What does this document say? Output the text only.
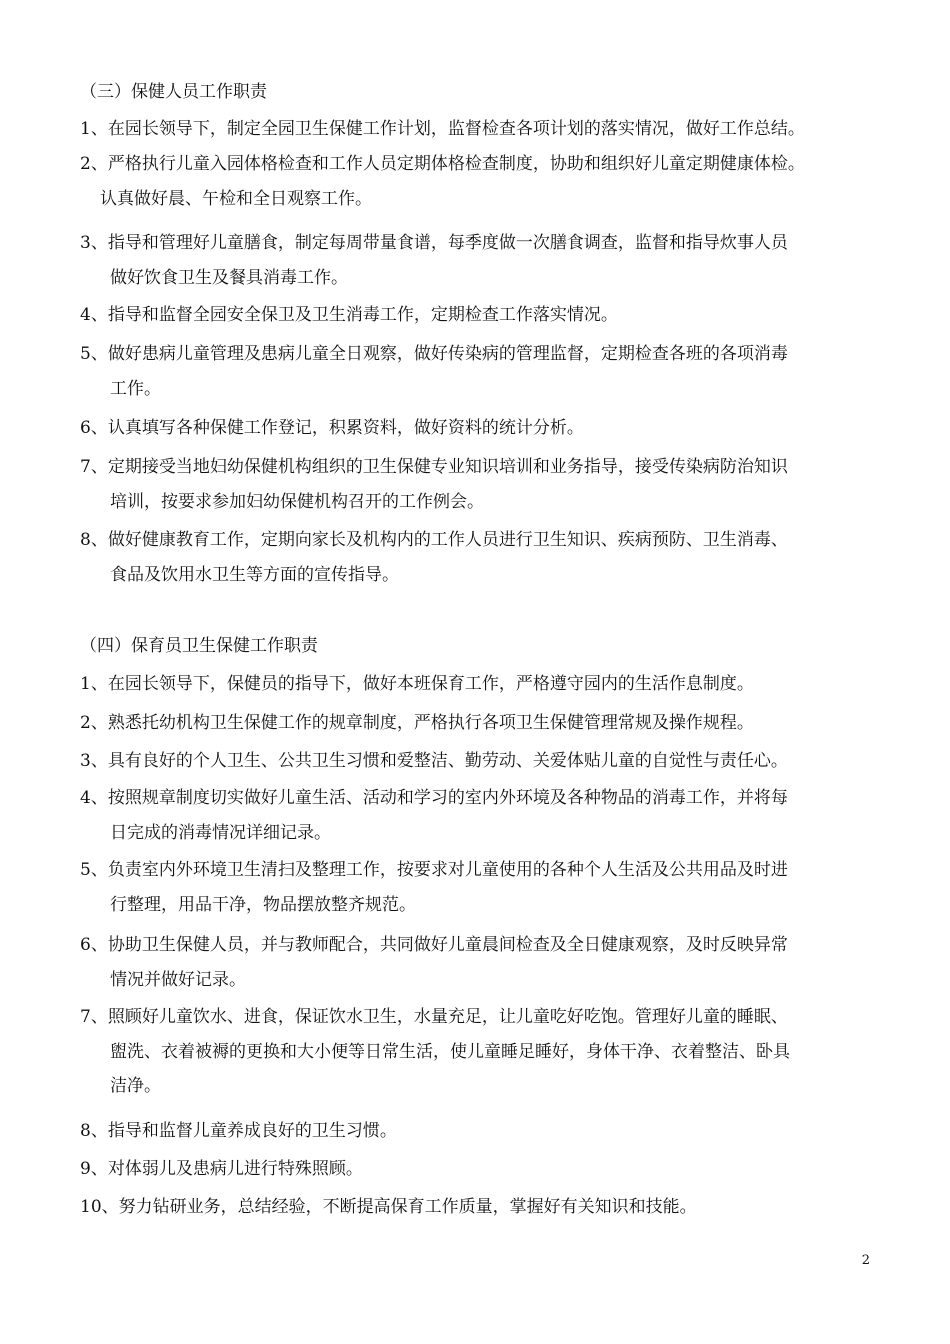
（三）保健人员工作职责
1、在园长领导下，制定全园卫生保健工作计划，监督检查各项计划的落实情况，做好工作总结。
2、严格执行儿童入园体格检查和工作人员定期体格检查制度，协助和组织好儿童定期健康体检。
认真做好晨、午检和全日观察工作。
3、指导和管理好儿童膳食，制定每周带量食谱，每季度做一次膳食调查，监督和指导炊事人员
做好饮食卫生及餐具消毒工作。
4、指导和监督全园安全保卫及卫生消毒工作，定期检查工作落实情况。
5、做好患病儿童管理及患病儿童全日观察，做好传染病的管理监督，定期检查各班的各项消毒
工作。
6、认真填写各种保健工作登记，积累资料，做好资料的统计分析。
7、定期接受当地妇幼保健机构组织的卫生保健专业知识培训和业务指导，接受传染病防治知识
培训，按要求参加妇幼保健机构召开的工作例会。
8、做好健康教育工作，定期向家长及机构内的工作人员进行卫生知识、疾病预防、卫生消毒、
食品及饮用水卫生等方面的宣传指导。
（四）保育员卫生保健工作职责
1、在园长领导下，保健员的指导下，做好本班保育工作，严格遵守园内的生活作息制度。
2、熟悉托幼机构卫生保健工作的规章制度，严格执行各项卫生保健管理常规及操作规程。
3、具有良好的个人卫生、公共卫生习惯和爱整洁、勤劳动、关爱体贴儿童的自觉性与责任心。
4、按照规章制度切实做好儿童生活、活动和学习的室内外环境及各种物品的消毒工作，并将每
日完成的消毒情况详细记录。
5、负责室内外环境卫生清扫及整理工作，按要求对儿童使用的各种个人生活及公共用品及时进
行整理，用品干净，物品摆放整齐规范。
6、协助卫生保健人员，并与教师配合，共同做好儿童晨间检查及全日健康观察，及时反映异常
情况并做好记录。
7、照顾好儿童饮水、进食，保证饮水卫生，水量充足，让儿童吃好吃饱。管理好儿童的睡眠、
盥洗、衣着被褥的更换和大小便等日常生活，使儿童睡足睡好，身体干净、衣着整洁、卧具
洁净。
8、指导和监督儿童养成良好的卫生习惯。
9、对体弱儿及患病儿进行特殊照顾。
10、努力钻研业务，总结经验，不断提高保育工作质量，掌握好有关知识和技能。
2
